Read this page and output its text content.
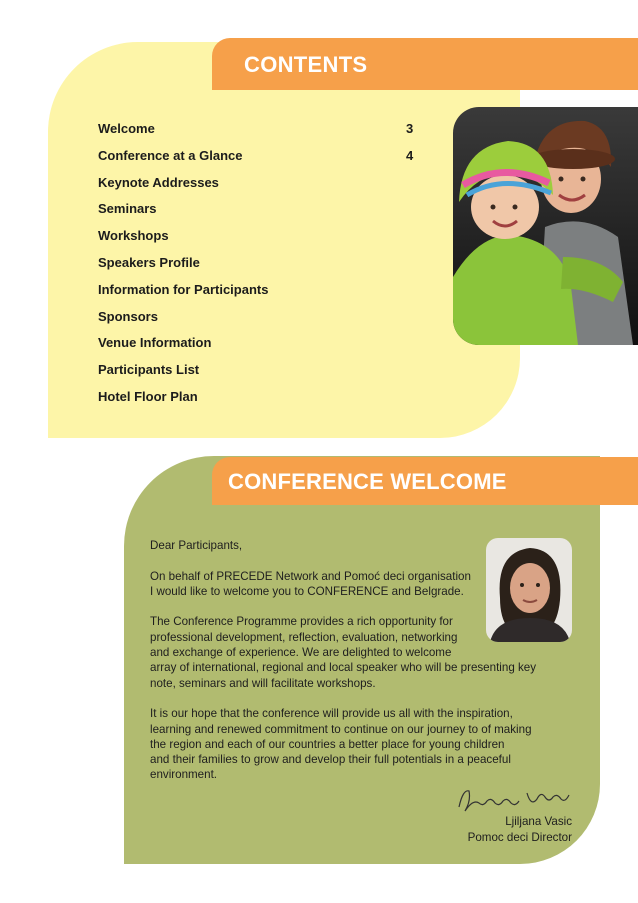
CONTENTS
Welcome	3
Conference at a Glance	4
Keynote Addresses
Seminars
Workshops
Speakers Profile
Information for Participants
Sponsors
Venue Information
Participants List
Hotel Floor Plan
CONFERENCE WELCOME

Dear Participants,

On behalf of PRECEDE Network and Pomoć deci organisation
I would like to welcome you to CONFERENCE and Belgrade.

The Conference Programme provides a rich opportunity for
professional development, reflection, evaluation, networking
and exchange of experience. We are delighted to welcome
array of international, regional and local speaker who will be presenting key
note, seminars and will facilitate workshops.

It is our hope that the conference will provide us all with the inspiration,
learning and renewed commitment to continue on our journey to of making
the region and each of our countries a better place for young children
and their families to grow and develop their full potentials in a peaceful
environment.

Ljiljana Vasic
Pomoc deci Director
